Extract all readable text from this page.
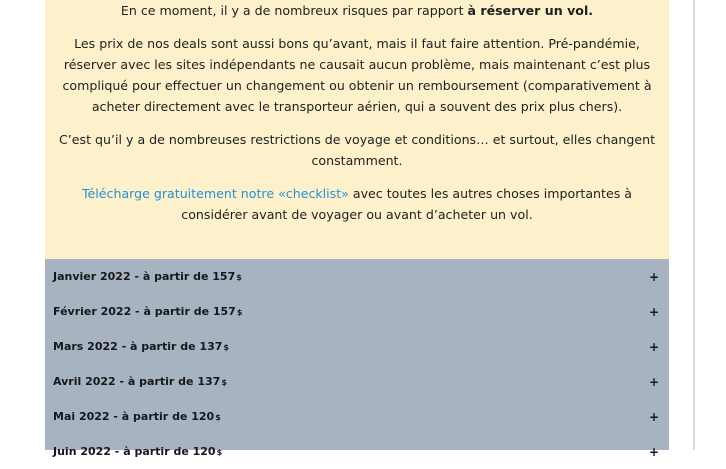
En ce moment, il y a de nombreux risques par rapport à réserver un vol.

Les prix de nos deals sont aussi bons qu’avant, mais il faut faire attention. Pré-pandémie, réserver avec les sites indépendants ne causait aucun problème, mais maintenant c’est plus compliqué pour effectuer un changement ou obtenir un remboursement (comparativement à acheter directement avec le transporteur aérien, qui a souvent des prix plus chers).

C’est qu’il y a de nombreuses restrictions de voyage et conditions… et surtout, elles changent constamment.

Télécharge gratuitement notre «checklist» avec toutes les autres choses importantes à considérer avant de voyager ou avant d’acheter un vol.

Janvier 2022 - à partir de 157 $	+
Février 2022 - à partir de 157 $	+
Mars 2022 - à partir de 137 $	+
Avril 2022 - à partir de 137 $	+
Mai 2022 - à partir de 120 $	+
Juin 2022 - à partir de 120 $	+
